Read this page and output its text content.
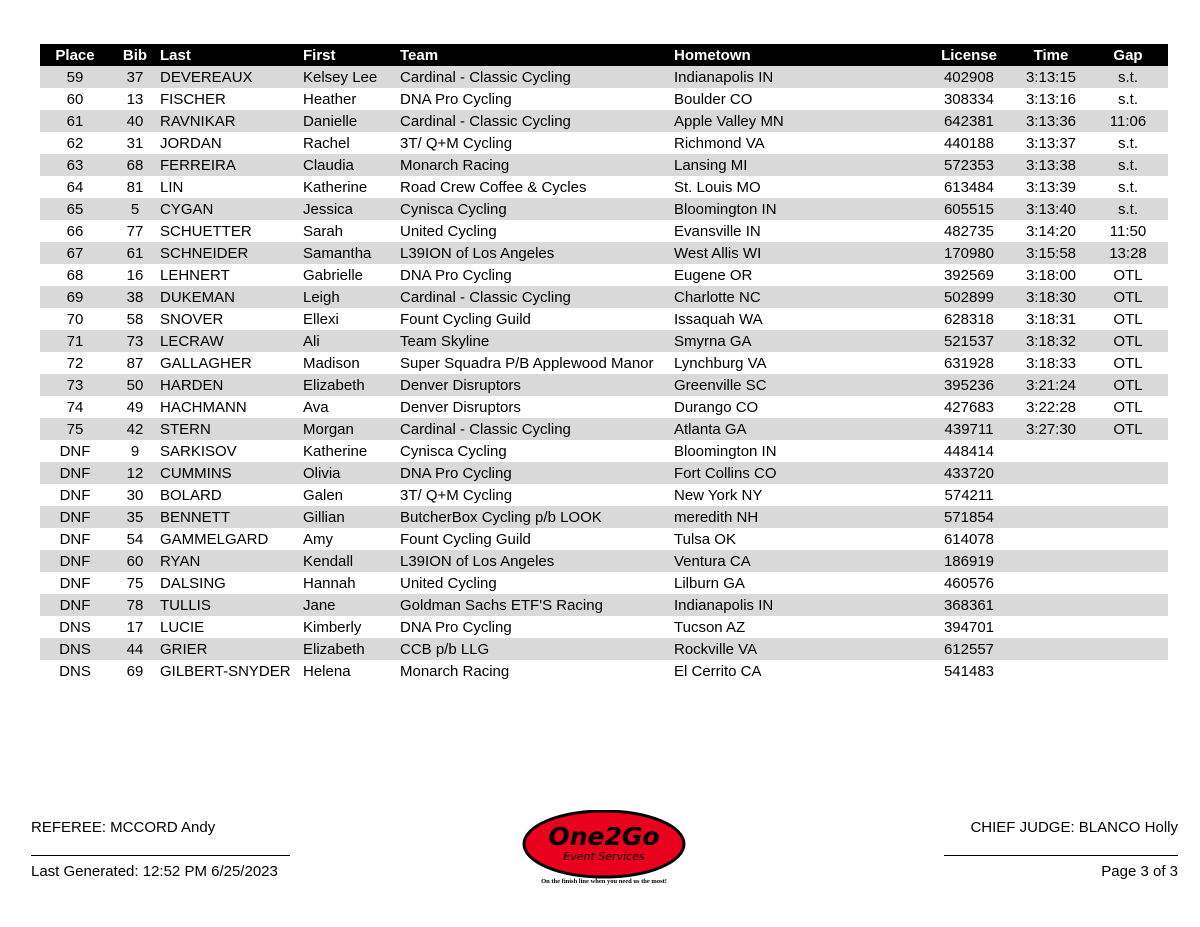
Place	Bib	Last	First	Team	Hometown	License	Time	Gap
59	37	DEVEREAUX	Kelsey Lee	Cardinal - Classic Cycling	Indianapolis IN	402908	3:13:15	s.t.
60	13	FISCHER	Heather	DNA Pro Cycling	Boulder CO	308334	3:13:16	s.t.
61	40	RAVNIKAR	Danielle	Cardinal - Classic Cycling	Apple Valley MN	642381	3:13:36	11:06
62	31	JORDAN	Rachel	3T/ Q+M Cycling	Richmond VA	440188	3:13:37	s.t.
63	68	FERREIRA	Claudia	Monarch Racing	Lansing MI	572353	3:13:38	s.t.
64	81	LIN	Katherine	Road Crew Coffee & Cycles	St. Louis MO	613484	3:13:39	s.t.
65	5	CYGAN	Jessica	Cynisca Cycling	Bloomington IN	605515	3:13:40	s.t.
66	77	SCHUETTER	Sarah	United Cycling	Evansville IN	482735	3:14:20	11:50
67	61	SCHNEIDER	Samantha	L39ION of Los Angeles	West Allis WI	170980	3:15:58	13:28
68	16	LEHNERT	Gabrielle	DNA Pro Cycling	Eugene OR	392569	3:18:00	OTL
69	38	DUKEMAN	Leigh	Cardinal - Classic Cycling	Charlotte NC	502899	3:18:30	OTL
70	58	SNOVER	Ellexi	Fount Cycling Guild	Issaquah WA	628318	3:18:31	OTL
71	73	LECRAW	Ali	Team Skyline	Smyrna GA	521537	3:18:32	OTL
72	87	GALLAGHER	Madison	Super Squadra P/B Applewood Manor	Lynchburg VA	631928	3:18:33	OTL
73	50	HARDEN	Elizabeth	Denver Disruptors	Greenville SC	395236	3:21:24	OTL
74	49	HACHMANN	Ava	Denver Disruptors	Durango CO	427683	3:22:28	OTL
75	42	STERN	Morgan	Cardinal - Classic Cycling	Atlanta GA	439711	3:27:30	OTL
DNF	9	SARKISOV	Katherine	Cynisca Cycling	Bloomington IN	448414		
DNF	12	CUMMINS	Olivia	DNA Pro Cycling	Fort Collins CO	433720		
DNF	30	BOLARD	Galen	3T/ Q+M Cycling	New York NY	574211		
DNF	35	BENNETT	Gillian	ButcherBox Cycling p/b LOOK	meredith NH	571854		
DNF	54	GAMMELGARD	Amy	Fount Cycling Guild	Tulsa OK	614078		
DNF	60	RYAN	Kendall	L39ION of Los Angeles	Ventura CA	186919		
DNF	75	DALSING	Hannah	United Cycling	Lilburn GA	460576		
DNF	78	TULLIS	Jane	Goldman Sachs ETF'S Racing	Indianapolis IN	368361		
DNS	17	LUCIE	Kimberly	DNA Pro Cycling	Tucson AZ	394701		
DNS	44	GRIER	Elizabeth	CCB p/b LLG	Rockville VA	612557		
DNS	69	GILBERT-SNYDER	Helena	Monarch Racing	El Cerrito CA	541483		
REFEREE: MCCORD Andy
Last Generated: 12:52 PM 6/25/2023
CHIEF JUDGE: BLANCO Holly
Page 3 of 3
One2Go
Event Services
On the finish line when you need us the most!
